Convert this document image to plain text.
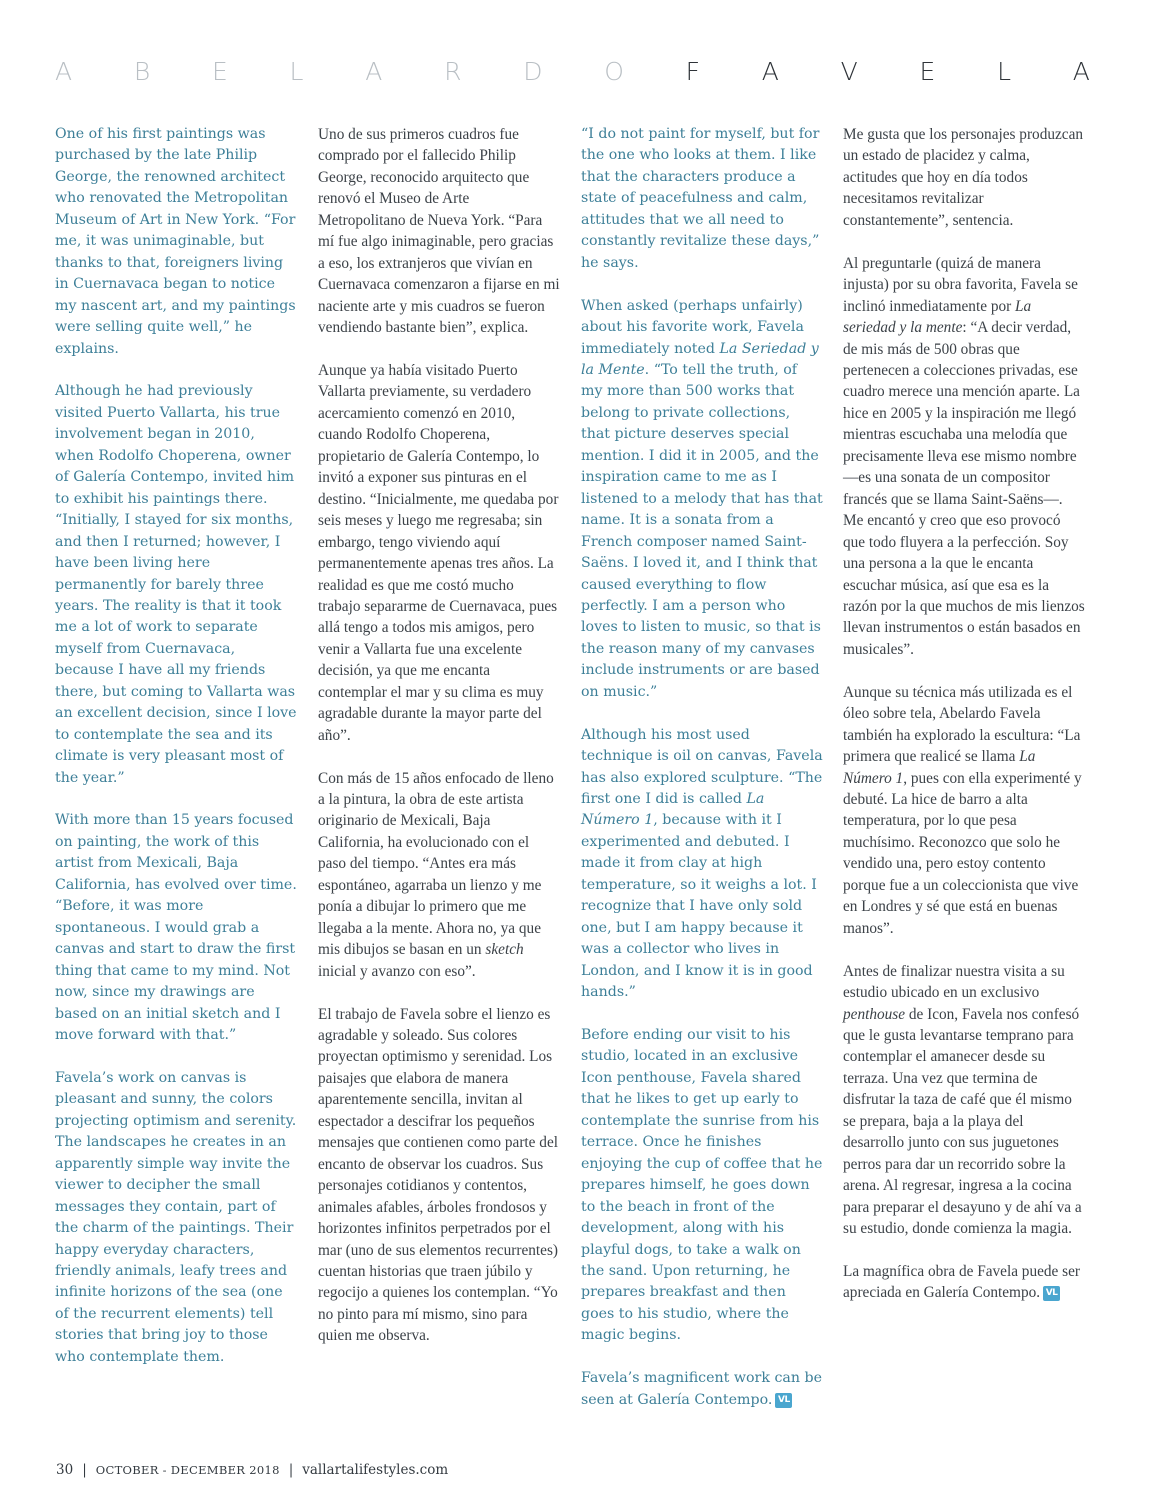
A B E L A R D O F A V E L A

One of his first paintings was purchased by the late Philip George, the renowned architect who renovated the Metropolitan Museum of Art in New York. “For me, it was unimaginable, but thanks to that, foreigners living in Cuernavaca began to notice my nascent art, and my paintings were selling quite well,” he explains.

Although he had previously visited Puerto Vallarta, his true involvement began in 2010, when Rodolfo Choperena, owner of Galería Contempo, invited him to exhibit his paintings there. “Initially, I stayed for six months, and then I returned; however, I have been living here permanently for barely three years. The reality is that it took me a lot of work to separate myself from Cuernavaca, because I have all my friends there, but coming to Vallarta was an excellent decision, since I love to contemplate the sea and its climate is very pleasant most of the year.”

With more than 15 years focused on painting, the work of this artist from Mexicali, Baja California, has evolved over time. “Before, it was more spontaneous. I would grab a canvas and start to draw the first thing that came to my mind. Not now, since my drawings are based on an initial sketch and I move forward with that.”

Favela’s work on canvas is pleasant and sunny, the colors projecting optimism and serenity. The landscapes he creates in an apparently simple way invite the viewer to decipher the small messages they contain, part of the charm of the paintings. Their happy everyday characters, friendly animals, leafy trees and infinite horizons of the sea (one of the recurrent elements) tell stories that bring joy to those who contemplate them.

Uno de sus primeros cuadros fue comprado por el fallecido Philip George, reconocido arquitecto que renovó el Museo de Arte Metropolitano de Nueva York. “Para mí fue algo inimaginable, pero gracias a eso, los extranjeros que vivían en Cuernavaca comenzaron a fijarse en mi naciente arte y mis cuadros se fueron vendiendo bastante bien”, explica.

Aunque ya había visitado Puerto Vallarta previamente, su verdadero acercamiento comenzó en 2010, cuando Rodolfo Choperena, propietario de Galería Contempo, lo invitó a exponer sus pinturas en el destino. “Inicialmente, me quedaba por seis meses y luego me regresaba; sin embargo, tengo viviendo aquí permanentemente apenas tres años. La realidad es que me costó mucho trabajo separarme de Cuernavaca, pues allá tengo a todos mis amigos, pero venir a Vallarta fue una excelente decisión, ya que me encanta contemplar el mar y su clima es muy agradable durante la mayor parte del año”.

Con más de 15 años enfocado de lleno a la pintura, la obra de este artista originario de Mexicali, Baja California, ha evolucionado con el paso del tiempo. “Antes era más espontáneo, agarraba un lienzo y me ponía a dibujar lo primero que me llegaba a la mente. Ahora no, ya que mis dibujos se basan en un sketch inicial y avanzo con eso”.

El trabajo de Favela sobre el lienzo es agradable y soleado. Sus colores proyectan optimismo y serenidad. Los paisajes que elabora de manera aparentemente sencilla, invitan al espectador a descifrar los pequeños mensajes que contienen como parte del encanto de observar los cuadros. Sus personajes cotidianos y contentos, animales afables, árboles frondosos y horizontes infinitos perpetrados por el mar (uno de sus elementos recurrentes) cuentan historias que traen júbilo y regocijo a quienes los contemplan. “Yo no pinto para mí mismo, sino para quien me observa.

“I do not paint for myself, but for the one who looks at them. I like that the characters produce a state of peacefulness and calm, attitudes that we all need to constantly revitalize these days,” he says.

When asked (perhaps unfairly) about his favorite work, Favela immediately noted La Seriedad y la Mente. “To tell the truth, of my more than 500 works that belong to private collections, that picture deserves special mention. I did it in 2005, and the inspiration came to me as I listened to a melody that has that name. It is a sonata from a French composer named Saint-Saëns. I loved it, and I think that caused everything to flow perfectly. I am a person who loves to listen to music, so that is the reason many of my canvases include instruments or are based on music.”

Although his most used technique is oil on canvas, Favela has also explored sculpture. “The first one I did is called La Número 1, because with it I experimented and debuted. I made it from clay at high temperature, so it weighs a lot. I recognize that I have only sold one, but I am happy because it was a collector who lives in London, and I know it is in good hands.”

Before ending our visit to his studio, located in an exclusive Icon penthouse, Favela shared that he likes to get up early to contemplate the sunrise from his terrace. Once he finishes enjoying the cup of coffee that he prepares himself, he goes down to the beach in front of the development, along with his playful dogs, to take a walk on the sand. Upon returning, he prepares breakfast and then goes to his studio, where the magic begins.

Favela’s magnificent work can be seen at Galería Contempo. VL

Me gusta que los personajes produzcan un estado de placidez y calma, actitudes que hoy en día todos necesitamos revitalizar constantemente”, sentencia.

Al preguntarle (quizá de manera injusta) por su obra favorita, Favela se inclinó inmediatamente por La seriedad y la mente: “A decir verdad, de mis más de 500 obras que pertenecen a colecciones privadas, ese cuadro merece una mención aparte. La hice en 2005 y la inspiración me llegó mientras escuchaba una melodía que precisamente lleva ese mismo nombre —es una sonata de un compositor francés que se llama Saint-Saëns—. Me encantó y creo que eso provocó que todo fluyera a la perfección. Soy una persona a la que le encanta escuchar música, así que esa es la razón por la que muchos de mis lienzos llevan instrumentos o están basados en musicales”.

Aunque su técnica más utilizada es el óleo sobre tela, Abelardo Favela también ha explorado la escultura: “La primera que realicé se llama La Número 1, pues con ella experimenté y debuté. La hice de barro a alta temperatura, por lo que pesa muchísimo. Reconozco que solo he vendido una, pero estoy contento porque fue a un coleccionista que vive en Londres y sé que está en buenas manos”.

Antes de finalizar nuestra visita a su estudio ubicado en un exclusivo penthouse de Icon, Favela nos confesó que le gusta levantarse temprano para contemplar el amanecer desde su terraza. Una vez que termina de disfrutar la taza de café que él mismo se prepara, baja a la playa del desarrollo junto con sus juguetones perros para dar un recorrido sobre la arena. Al regresar, ingresa a la cocina para preparar el desayuno y de ahí va a su estudio, donde comienza la magia.

La magnífica obra de Favela puede ser apreciada en Galería Contempo. VL

30 | OCTOBER - DECEMBER 2018 | vallartalifestyles.com
